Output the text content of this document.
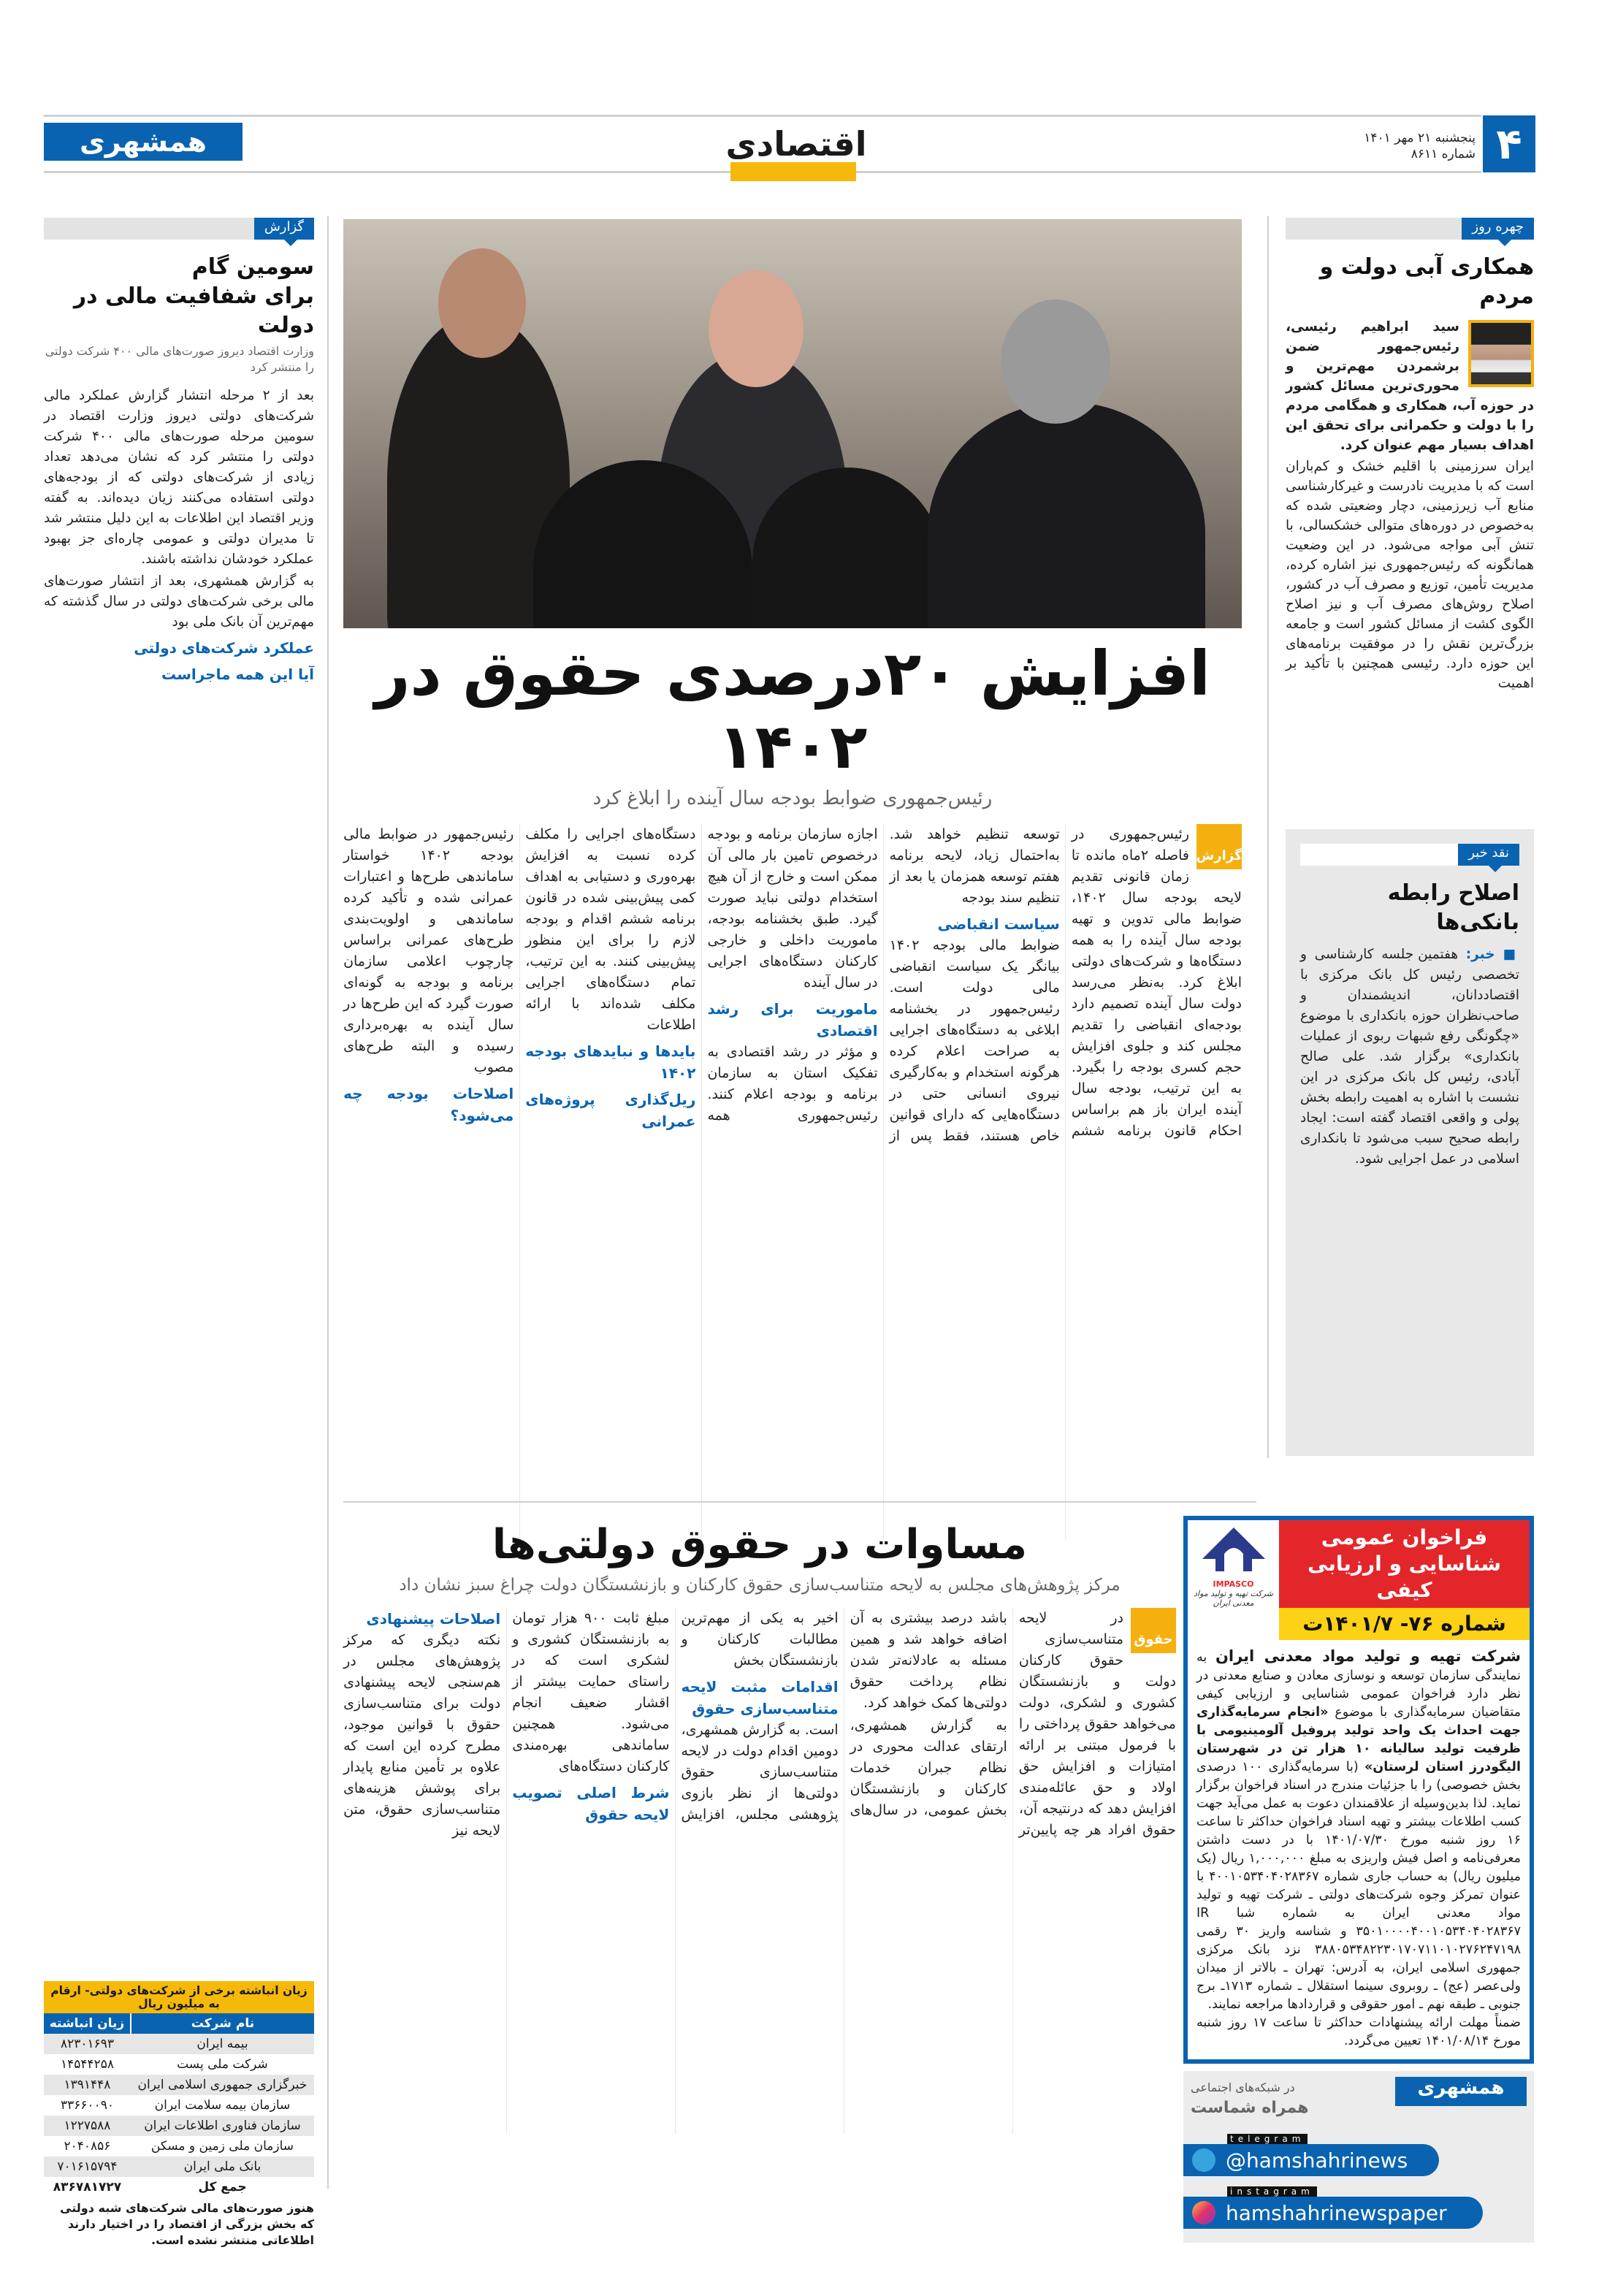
۴
پنجشنبه ۲۱ مهر ۱۴۰۱
شماره ۸۶۱۱
اقتصادی
همشهری
چهره روز
همکاری آبی دولت و مردم

سید ابراهیم رئیسی، رئیس‌جمهور ضمن برشمردن مهم‌ترین و محوری‌ترین مسائل کشور در حوزه آب، همکاری و همگامی مردم را با دولت و حکمرانی برای تحقق این اهداف بسیار مهم عنوان کرد.

ایران سرزمینی با اقلیم خشک و کم‌باران است که با مدیریت نادرست و غیرکارشناسی منابع آب زیرزمینی، دچار وضعیتی شده که به‌خصوص در دوره‌های متوالی خشکسالی، با تنش آبی مواجه می‌شود. در این وضعیت همانگونه که رئیس‌جمهوری نیز اشاره کرده، مدیریت تأمین، توزیع و مصرف آب در کشور، اصلاح روش‌های مصرف آب و نیز اصلاح الگوی کشت از مسائل کشور است و جامعه بزرگ‌ترین نقش را در موفقیت برنامه‌های این حوزه دارد. رئیسی همچنین با تأکید بر اهمیت

نقد خبر
اصلاح رابطه بانکی‌ها
■ خبر: هفتمین جلسه کارشناسی و تخصصی رئیس کل بانک مرکزی با اقتصاددانان، اندیشمندان و صاحب‌نظران حوزه بانکداری با موضوع «چگونگی رفع شبهات ربوی از عملیات بانکداری» برگزار شد. علی صالح آبادی، رئیس کل بانک مرکزی در این نشست با اشاره به اهمیت رابطه بخش پولی و واقعی اقتصاد گفته است: ایجاد رابطه صحیح سبب می‌شود تا بانکداری اسلامی در عمل اجرایی شود.
افزایش ۲۰درصدی حقوق در ۱۴۰۲
رئیس‌جمهوری ضوابط بودجه سال آینده را ابلاغ کرد
گزارش

رئیس‌جمهوری در فاصله ۲ماه مانده تا زمان قانونی تقدیم لایحه بودجه سال ۱۴۰۲، ضوابط مالی تدوین و تهیه بودجه سال آینده را به همه دستگاه‌ها و شرکت‌های دولتی ابلاغ کرد. به‌نظر می‌رسد دولت سال آینده تصمیم دارد بودجه‌ای انقباضی را تقدیم مجلس کند و جلوی افزایش حجم کسری بودجه را بگیرد. به این ترتیب، بودجه سال آینده ایران باز هم براساس احکام قانون برنامه ششم توسعه تنظیم خواهد شد. به‌احتمال زیاد، لایحه برنامه هفتم توسعه همزمان یا بعد از تنظیم سند بودجه

سیاست انقباضی

ضوابط مالی بودجه ۱۴۰۲ بیانگر یک سیاست انقباضی مالی دولت است. رئیس‌جمهور در بخشنامه ابلاغی به دستگاه‌های اجرایی به صراحت اعلام کرده هرگونه استخدام و به‌کارگیری نیروی انسانی حتی در دستگاه‌هایی که دارای قوانین خاص هستند، فقط پس از اجازه سازمان برنامه و بودجه درخصوص تامین بار مالی آن ممکن است و خارج از آن هیچ استخدام دولتی نباید صورت گیرد. طبق بخشنامه بودجه، ماموریت داخلی و خارجی کارکنان دستگاه‌های اجرایی در سال آینده

ماموریت برای رشد اقتصادی

و مؤثر در رشد اقتصادی به تفکیک استان به سازمان برنامه و بودجه اعلام کنند. رئیس‌جمهوری همه دستگاه‌های اجرایی را مکلف کرده نسبت به افزایش بهره‌وری و دستیابی به اهداف کمی پیش‌بینی شده در قانون برنامه ششم اقدام و بودجه لازم را برای این منظور پیش‌بینی کنند. به این ترتیب، تمام دستگاه‌های اجرایی مکلف شده‌اند با ارائه اطلاعات

بایدها و نبایدهای بودجه ۱۴۰۲
ریل‌گذاری پروژه‌های عمرانی

رئیس‌جمهور در ضوابط مالی بودجه ۱۴۰۲ خواستار ساماندهی طرح‌ها و اعتبارات عمرانی شده و تأکید کرده ساماندهی و اولویت‌بندی طرح‌های عمرانی براساس چارچوب اعلامی سازمان برنامه و بودجه به گونه‌ای صورت گیرد که این طرح‌ها در سال آینده به بهره‌برداری رسیده و البته طرح‌های مصوب

اصلاحات بودجه چه می‌شود؟
مساوات در حقوق دولتی‌ها
مرکز پژوهش‌های مجلس به لایحه متناسب‌سازی حقوق کارکنان و بازنشستگان دولت چراغ سبز نشان داد
حقوق

در لایحه متناسب‌سازی حقوق کارکنان دولت و بازنشستگان کشوری و لشکری، دولت می‌خواهد حقوق پرداختی را با فرمول مبتنی بر ارائه امتیازات و افزایش حق اولاد و حق عائله‌مندی افزایش دهد که درنتیجه آن، حقوق افراد هر چه پایین‌تر باشد درصد بیشتری به آن اضافه خواهد شد و همین مسئله به عادلانه‌تر شدن نظام پرداخت حقوق دولتی‌ها کمک خواهد کرد.

به گزارش همشهری، ارتقای عدالت محوری در نظام جبران خدمات کارکنان و بازنشستگان بخش عمومی، در سال‌های اخیر به یکی از مهم‌ترین مطالبات کارکنان و بازنشستگان بخش

اقدامات مثبت لایحه متناسب‌سازی حقوق

است. به گزارش همشهری، دومین اقدام دولت در لایحه متناسب‌سازی حقوق دولتی‌ها از نظر بازوی پژوهشی مجلس، افزایش مبلغ ثابت ۹۰۰ هزار تومان به بازنشستگان کشوری و لشکری است که در راستای حمایت بیشتر از اقشار ضعیف انجام می‌شود. همچنین ساماندهی بهره‌مندی کارکنان دستگاه‌های

شرط اصلی تصویب لایحه حقوق
اصلاحات پیشنهادی

نکته دیگری که مرکز پژوهش‌های مجلس در هم‌سنجی لایحه پیشنهادی دولت برای متناسب‌سازی حقوق با قوانین موجود، مطرح کرده این است که علاوه بر تأمین منابع پایدار برای پوشش هزینه‌های متناسب‌سازی حقوق، متن لایحه نیز

گزارش
سومین گام
برای شفافیت مالی در دولت
وزارت اقتصاد دیروز صورت‌های مالی ۴۰۰ شرکت دولتی را منتشر کرد

بعد از ۲ مرحله انتشار گزارش عملکرد مالی شرکت‌های دولتی دیروز وزارت اقتصاد در سومین مرحله صورت‌های مالی ۴۰۰ شرکت دولتی را منتشر کرد که نشان می‌دهد تعداد زیادی از شرکت‌های دولتی که از بودجه‌های دولتی استفاده می‌کنند زیان دیده‌اند. به گفته وزیر اقتصاد این اطلاعات به این دلیل منتشر شد تا مدیران دولتی و عمومی چاره‌ای جز بهبود عملکرد خودشان نداشته باشند.

به گزارش همشهری، بعد از انتشار صورت‌های مالی برخی شرکت‌های دولتی در سال گذشته که مهم‌ترین آن بانک ملی بود

عملکرد شرکت‌های دولتی
آیا این همه ماجراست
زیان انباشته برخی از شرکت‌های دولتی- ارقام به میلیون ریال
نام شرکت	زیان انباشته
بیمه ایران	۸۲۳۰۱۶۹۳
شرکت ملی پست	۱۴۵۴۴۲۵۸
خبرگزاری جمهوری اسلامی ایران	۱۳۹۱۴۴۸
سازمان بیمه سلامت ایران	۳۳۶۶۰۰۹۰
سازمان فناوری اطلاعات ایران	۱۲۲۷۵۸۸
سازمان ملی زمین و مسکن	۲۰۴۰۸۵۶
بانک ملی ایران	۷۰۱۶۱۵۷۹۴
جمع کل	۸۳۶۷۸۱۷۲۷
هنوز صورت‌های مالی شرکت‌های شبه دولتی که بخش بزرگی از اقتصاد را در اختیار دارند اطلاعاتی منتشر نشده است.
فراخوان عمومی
شناسایی و ارزیابی کیفی
شماره ۷۶- ۱۴۰۱/۷ت
IMPASCO
شرکت تهیه و تولید مواد معدنی ایران
شرکت تهیه و تولید مواد معدنی ایران به نمایندگی سازمان توسعه و نوسازی معادن و صنایع معدنی در نظر دارد فراخوان عمومی شناسایی و ارزیابی کیفی متقاضیان سرمایه‌گذاری با موضوع «انجام سرمایه‌گذاری جهت احداث یک واحد تولید پروفیل آلومینیومی با ظرفیت تولید سالیانه ۱۰ هزار تن در شهرستان الیگودرز استان لرستان» (با سرمایه‌گذاری ۱۰۰ درصدی بخش خصوصی) را با جزئیات مندرج در اسناد فراخوان برگزار نماید. لذا بدین‌وسیله از علاقمندان دعوت به عمل می‌آید جهت کسب اطلاعات بیشتر و تهیه اسناد فراخوان حداکثر تا ساعت ۱۶ روز شنبه مورخ ۱۴۰۱/۰۷/۳۰ با در دست داشتن معرفی‌نامه و اصل فیش واریزی به مبلغ ۱,۰۰۰,۰۰۰ ریال (یک میلیون ریال) به حساب جاری شماره ۴۰۰۱۰۵۳۴۰۴۰۲۸۳۶۷ با عنوان تمرکز وجوه شرکت‌های دولتی ـ شرکت تهیه و تولید مواد معدنی ایران به شماره شبا IR ۳۵۰۱۰۰۰۰۴۰۰۱۰۵۳۴۰۴۰۲۸۳۶۷ و شناسه واریز ۳۰ رقمی ۳۸۸۰۵۳۴۸۲۲۳۰۱۷۰۷۱۱۰۱۰۲۷۶۲۴۷۱۹۸ نزد بانک مرکزی جمهوری اسلامی ایران، به آدرس: تهران ـ بالاتر از میدان ولی‌عصر (عج) ـ روبروی سینما استقلال ـ شماره ۱۷۱۳ـ برج جنوبی ـ طبقه نهم ـ امور حقوقی و قراردادها مراجعه نمایند.
ضمناً مهلت ارائه پیشنهادات حداکثر تا ساعت ۱۷ روز شنبه مورخ ۱۴۰۱/۰۸/۱۴ تعیین می‌گردد.
همشهری
در شبکه‌های اجتماعی
همراه شماست
telegram
@hamshahrinews
instagram
hamshahrinewspaper
